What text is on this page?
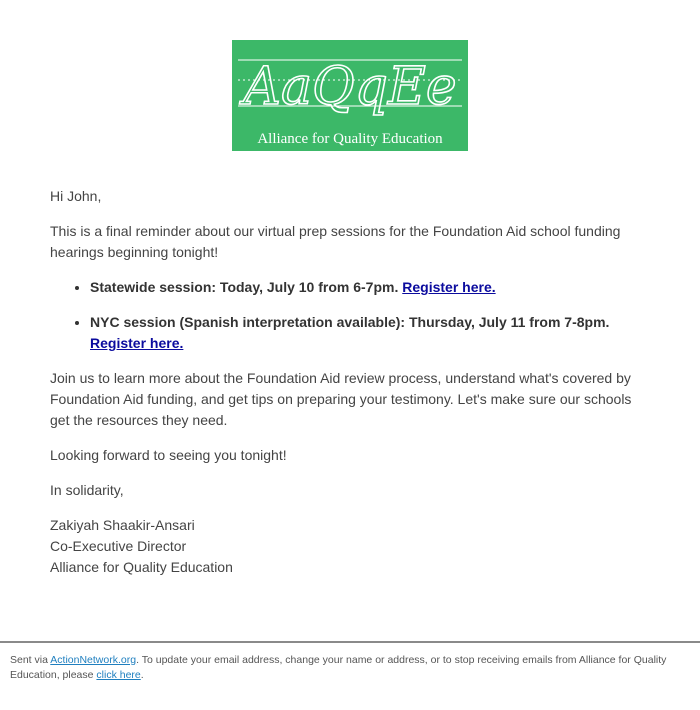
AaQqEe
Alliance for Quality Education

Hi John,

This is a final reminder about our virtual prep sessions for the Foundation Aid school funding hearings beginning tonight!

• Statewide session: Today, July 10 from 6-7pm. Register here.
• NYC session (Spanish interpretation available): Thursday, July 11 from 7-8pm. Register here.

Join us to learn more about the Foundation Aid review process, understand what's covered by Foundation Aid funding, and get tips on preparing your testimony. Let's make sure our schools get the resources they need.

Looking forward to seeing you tonight!

In solidarity,

Zakiyah Shaakir-Ansari

Co-Executive Director

Alliance for Quality Education

Sent via ActionNetwork.org. To update your email address, change your name or address, or to stop receiving emails from Alliance for Quality Education, please click here.
